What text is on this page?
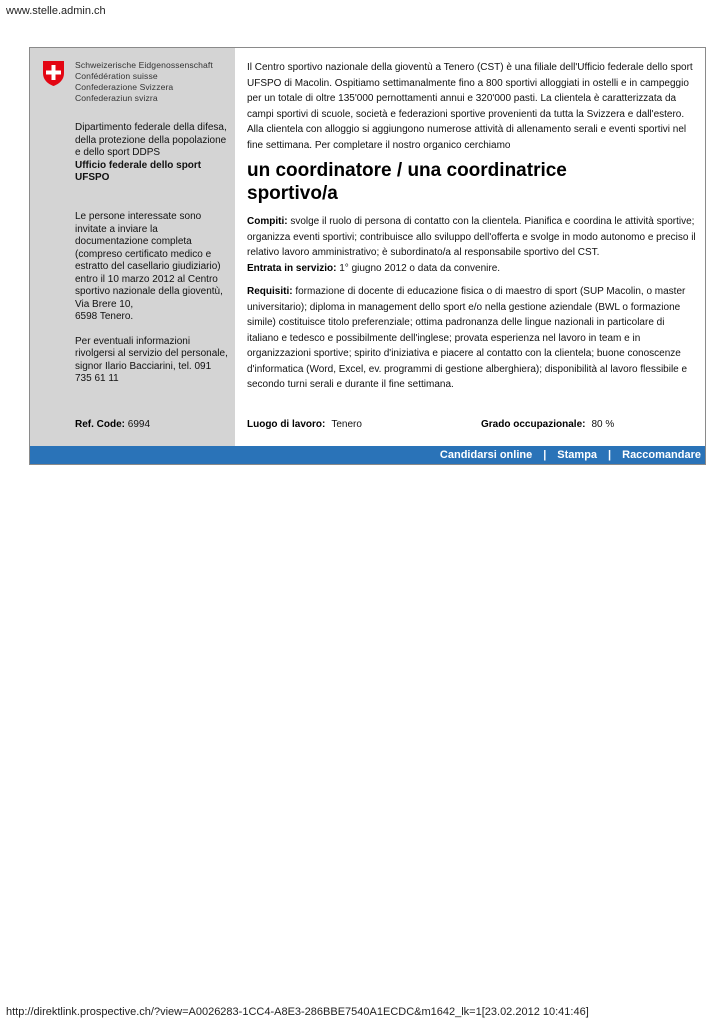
www.stelle.admin.ch
Schweizerische Eidgenossenschaft
Confédération suisse
Confederazione Svizzera
Confederaziun svizra
Dipartimento federale della difesa,
della protezione della popolazione
e dello sport DDPS
Ufficio federale dello sport
UFSPO

Le persone interessate sono
invitate a inviare la
documentazione completa
(compreso certificato medico e
estratto del casellario giudiziario)
entro il 10 marzo 2012 al Centro
sportivo nazionale della gioventù,
Via Brere 10,
6598 Tenero.

Per eventuali informazioni
rivolgersi al servizio del personale,
signor Ilario Bacciarini, tel. 091
735 61 11

Ref. Code: 6994

Il Centro sportivo nazionale della gioventù a Tenero (CST) è una filiale dell'Ufficio federale dello sport UFSPO di Macolin. Ospitiamo settimanalmente fino a 800 sportivi alloggiati in ostelli e in campeggio per un totale di oltre 135'000 pernottamenti annui e 320'000 pasti. La clientela è caratterizzata da campi sportivi di scuole, società e federazioni sportive provenienti da tutta la Svizzera e dall'estero. Alla clientela con alloggio si aggiungono numerose attività di allenamento serali e eventi sportivi nel fine settimana. Per completare il nostro organico cerchiamo

un coordinatore / una coordinatrice
sportivo/a

Compiti: svolge il ruolo di persona di contatto con la clientela. Pianifica e coordina le attività sportive; organizza eventi sportivi; contribuisce allo sviluppo dell'offerta e svolge in modo autonomo e preciso il relativo lavoro amministrativo; è subordinato/a al responsabile sportivo del CST.

Entrata in servizio: 1° giugno 2012 o data da convenire.

Requisiti: formazione di docente di educazione fisica o di maestro di sport (SUP Macolin, o master universitario); diploma in management dello sport e/o nella gestione aziendale (BWL o formazione simile) costituisce titolo preferenziale; ottima padronanza delle lingue nazionali in particolare di italiano e tedesco e possibilmente dell'inglese; provata esperienza nel lavoro in team e in organizzazioni sportive; spirito d'iniziativa e piacere al contatto con la clientela; buone conoscenze d'informatica (Word, Excel, ev. programmi di gestione alberghiera); disponibilità al lavoro flessibile e secondo turni serali e durante il fine settimana.

Luogo di lavoro: Tenero	Grado occupazionale: 80 %
Candidarsi online | Stampa | Raccomandare
http://direktlink.prospective.ch/?view=A0026283-1CC4-A8E3-286BBE7540A1ECDC&m1642_lk=1[23.02.2012 10:41:46]
